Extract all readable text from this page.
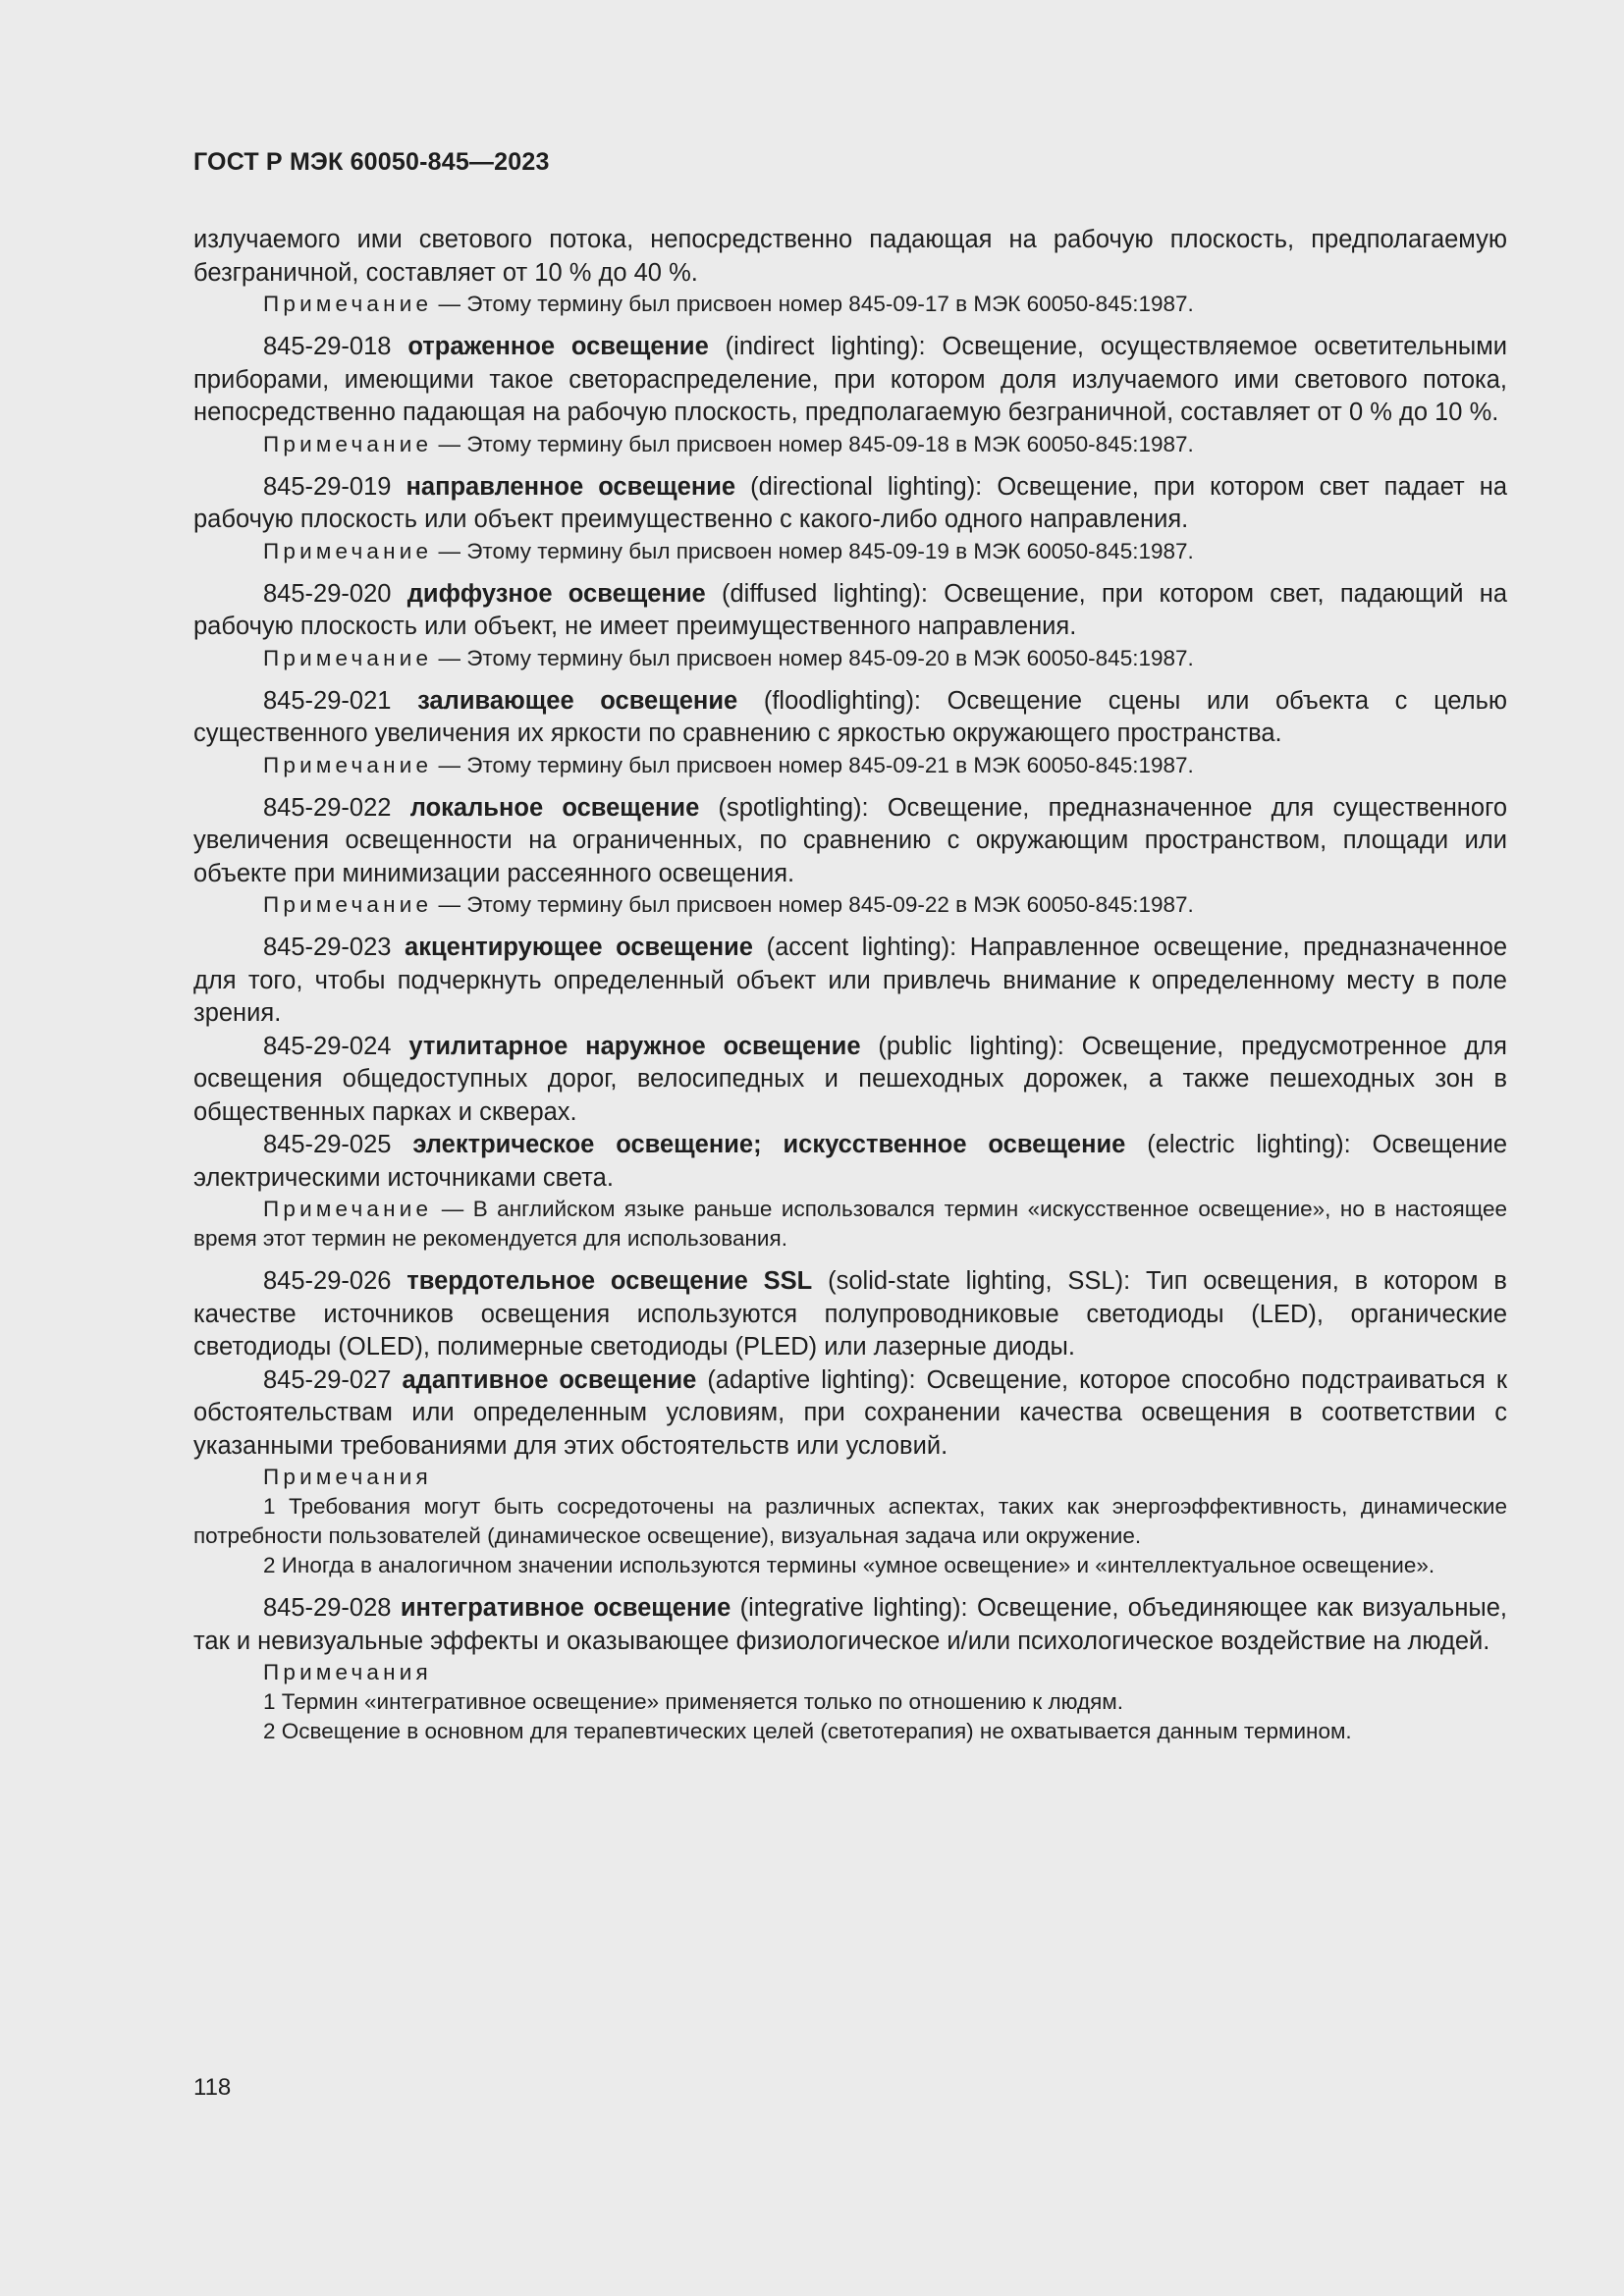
ГОСТ Р МЭК 60050-845—2023

излучаемого ими светового потока, непосредственно падающая на рабочую плоскость, предполагаемую безграничной, составляет от 10 % до 40 %.

Примечание — Этому термину был присвоен номер 845-09-17 в МЭК 60050-845:1987.

845-29-018 отраженное освещение (indirect lighting): Освещение, осуществляемое осветительными приборами, имеющими такое светораспределение, при котором доля излучаемого ими светового потока, непосредственно падающая на рабочую плоскость, предполагаемую безграничной, составляет от 0 % до 10 %.

Примечание — Этому термину был присвоен номер 845-09-18 в МЭК 60050-845:1987.

845-29-019 направленное освещение (directional lighting): Освещение, при котором свет падает на рабочую плоскость или объект преимущественно с какого-либо одного направления.

Примечание — Этому термину был присвоен номер 845-09-19 в МЭК 60050-845:1987.

845-29-020 диффузное освещение (diffused lighting): Освещение, при котором свет, падающий на рабочую плоскость или объект, не имеет преимущественного направления.

Примечание — Этому термину был присвоен номер 845-09-20 в МЭК 60050-845:1987.

845-29-021 заливающее освещение (floodlighting): Освещение сцены или объекта с целью существенного увеличения их яркости по сравнению с яркостью окружающего пространства.

Примечание — Этому термину был присвоен номер 845-09-21 в МЭК 60050-845:1987.

845-29-022 локальное освещение (spotlighting): Освещение, предназначенное для существенного увеличения освещенности на ограниченных, по сравнению с окружающим пространством, площади или объекте при минимизации рассеянного освещения.

Примечание — Этому термину был присвоен номер 845-09-22 в МЭК 60050-845:1987.

845-29-023 акцентирующее освещение (accent lighting): Направленное освещение, предназначенное для того, чтобы подчеркнуть определенный объект или привлечь внимание к определенному месту в поле зрения.

845-29-024 утилитарное наружное освещение (public lighting): Освещение, предусмотренное для освещения общедоступных дорог, велосипедных и пешеходных дорожек, а также пешеходных зон в общественных парках и скверах.

845-29-025 электрическое освещение; искусственное освещение (electric lighting): Освещение электрическими источниками света.

Примечание — В английском языке раньше использовался термин «искусственное освещение», но в настоящее время этот термин не рекомендуется для использования.

845-29-026 твердотельное освещение SSL (solid-state lighting, SSL): Тип освещения, в котором в качестве источников освещения используются полупроводниковые светодиоды (LED), органические светодиоды (OLED), полимерные светодиоды (PLED) или лазерные диоды.

845-29-027 адаптивное освещение (adaptive lighting): Освещение, которое способно подстраиваться к обстоятельствам или определенным условиям, при сохранении качества освещения в соответствии с указанными требованиями для этих обстоятельств или условий.

Примечания

1 Требования могут быть сосредоточены на различных аспектах, таких как энергоэффективность, динамические потребности пользователей (динамическое освещение), визуальная задача или окружение.

2 Иногда в аналогичном значении используются термины «умное освещение» и «интеллектуальное освещение».

845-29-028 интегративное освещение (integrative lighting): Освещение, объединяющее как визуальные, так и невизуальные эффекты и оказывающее физиологическое и/или психологическое воздействие на людей.

Примечания

1 Термин «интегративное освещение» применяется только по отношению к людям.

2 Освещение в основном для терапевтических целей (светотерапия) не охватывается данным термином.

118
